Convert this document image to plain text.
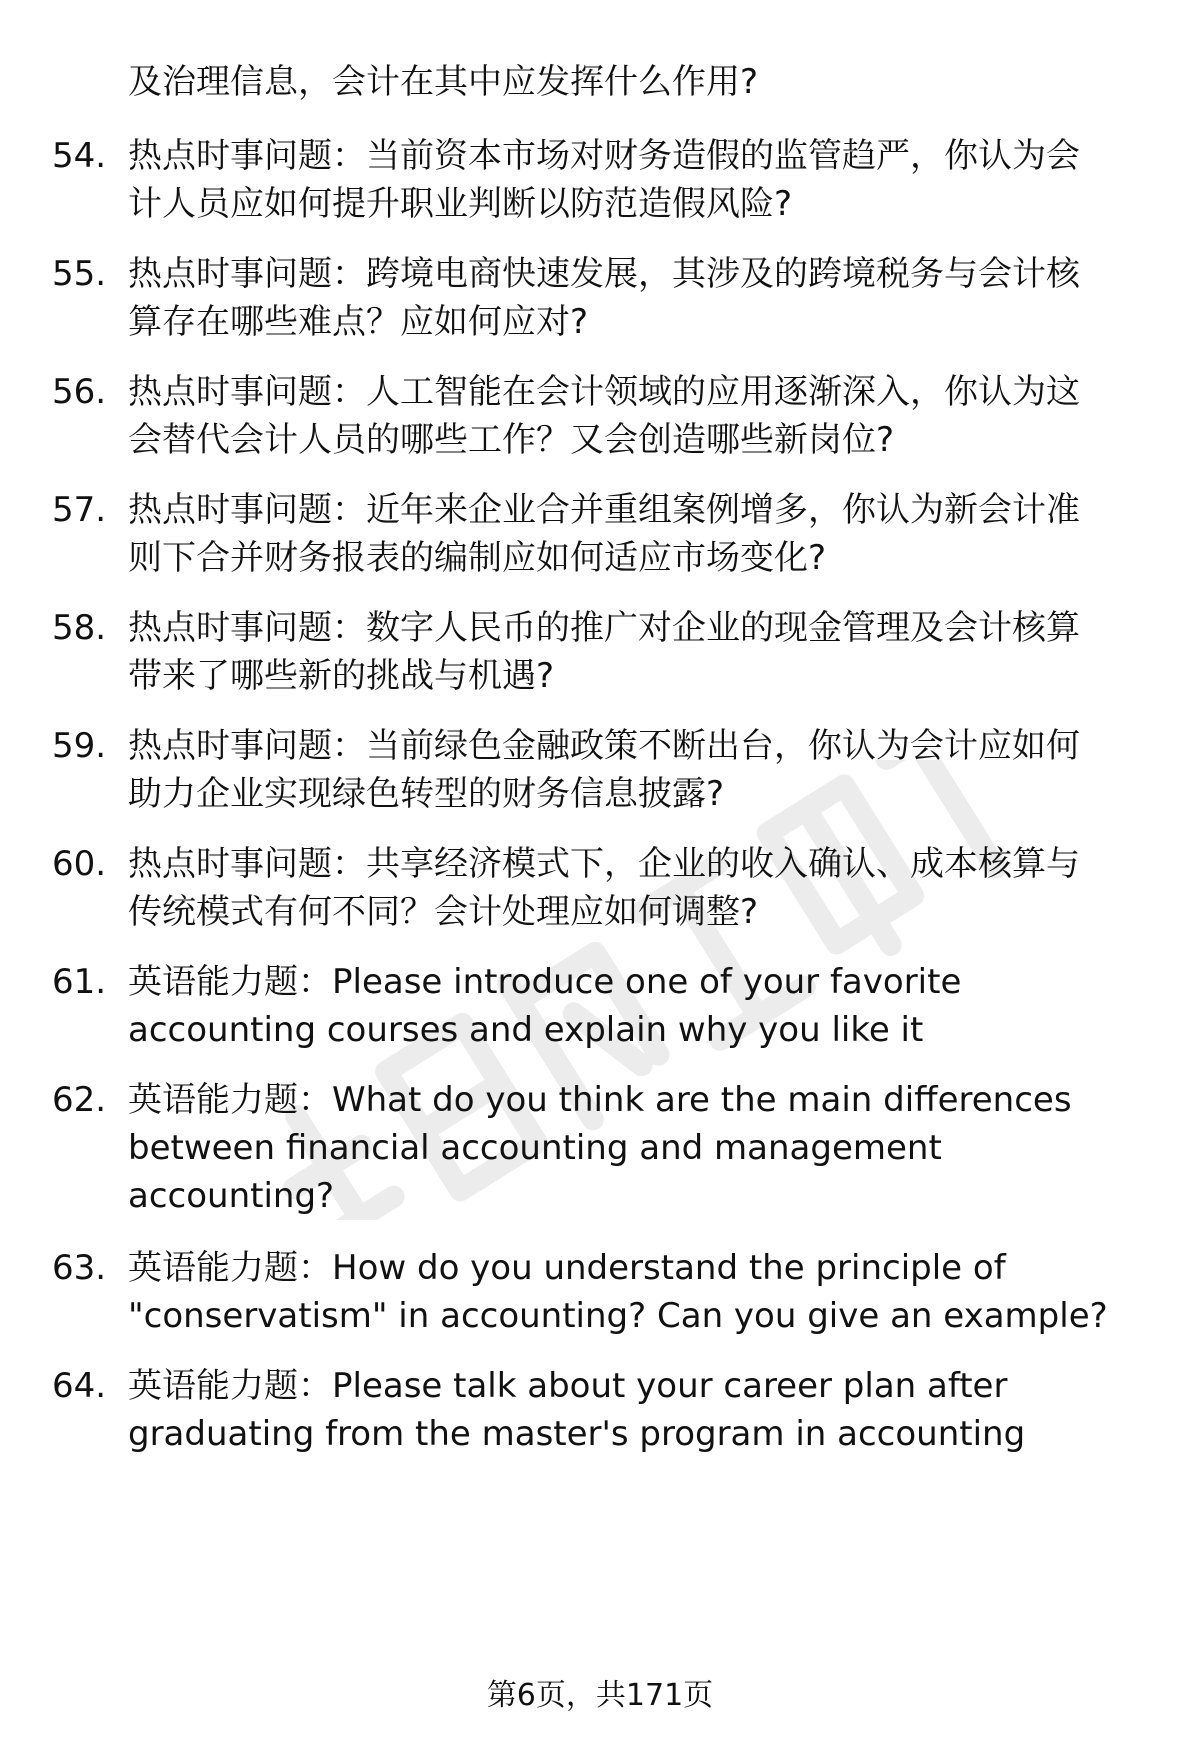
及治理信息，会计在其中应发挥什么作用?
54. 热点时事问题：当前资本市场对财务造假的监管趋严，你认为会
计人员应如何提升职业判断以防范造假风险?
55. 热点时事问题：跨境电商快速发展，其涉及的跨境税务与会计核
算存在哪些难点？应如何应对?
56. 热点时事问题：人工智能在会计领域的应用逐渐深入，你认为这
会替代会计人员的哪些工作？又会创造哪些新岗位?
57. 热点时事问题：近年来企业合并重组案例增多，你认为新会计准
则下合并财务报表的编制应如何适应市场变化?
58. 热点时事问题：数字人民币的推广对企业的现金管理及会计核算
带来了哪些新的挑战与机遇?
59. 热点时事问题：当前绿色金融政策不断出台，你认为会计应如何
助力企业实现绿色转型的财务信息披露?
60. 热点时事问题：共享经济模式下，企业的收入确认、成本核算与
传统模式有何不同？会计处理应如何调整?
61. 英语能力题：Please introduce one of your favorite
accounting courses and explain why you like it
62. 英语能力题：What do you think are the main differences
between financial accounting and management
accounting?
63. 英语能力题：How do you understand the principle of
"conservatism" in accounting? Can you give an example?
64. 英语能力题：Please talk about your career plan after
graduating from the master's program in accounting
第6页，共171页
